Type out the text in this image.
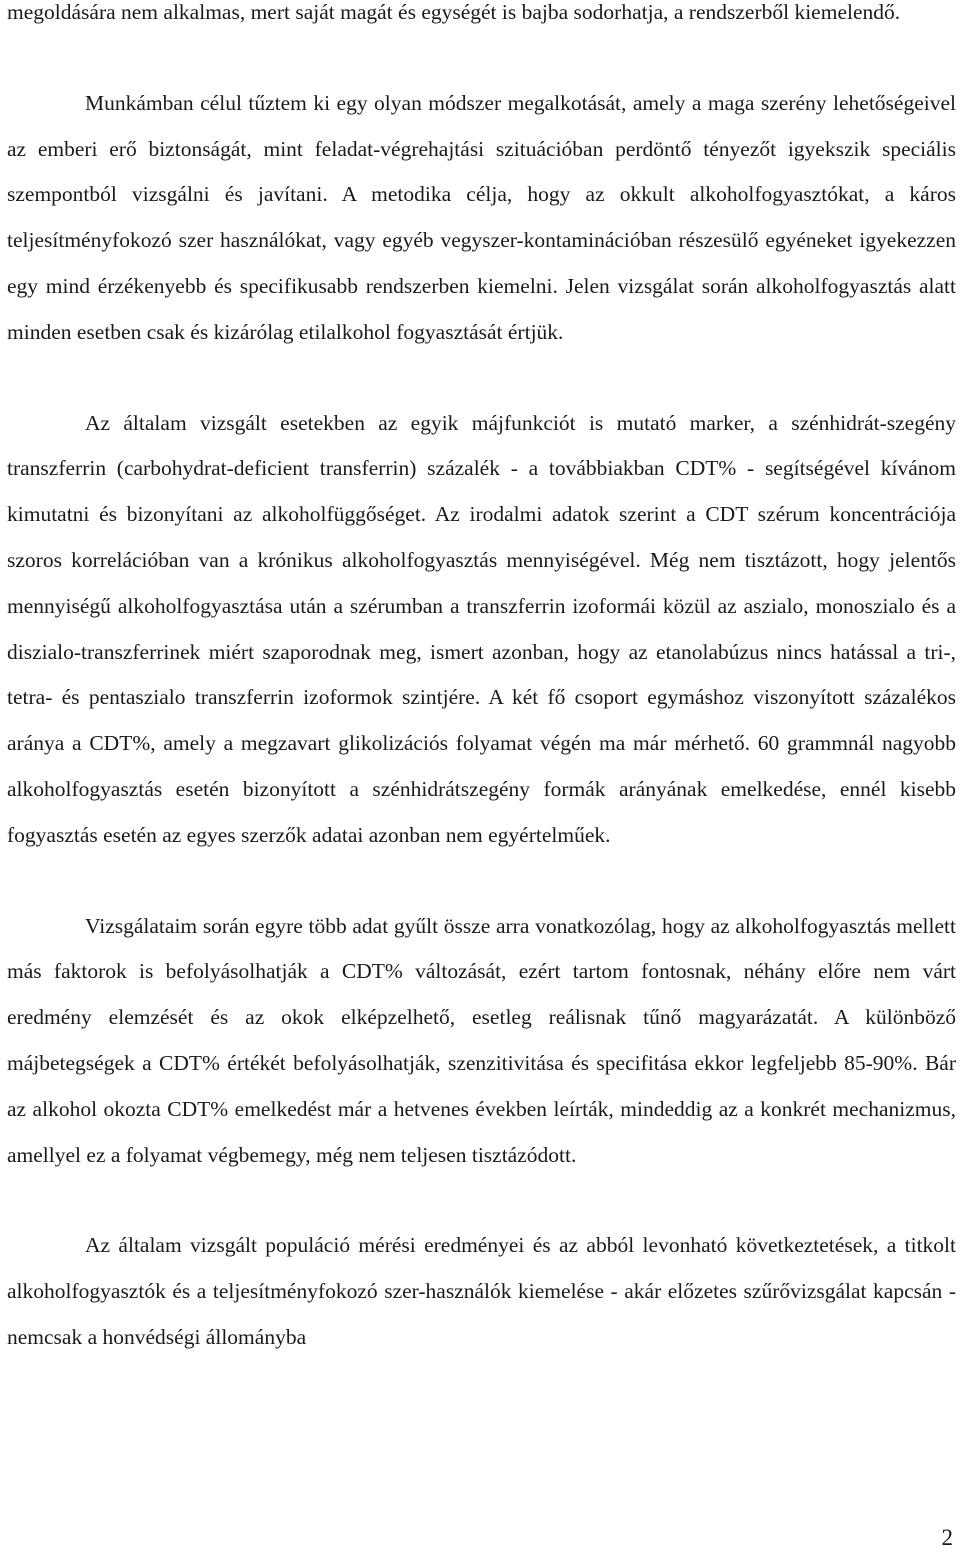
megoldására nem alkalmas, mert saját magát és egységét is bajba sodorhatja, a rendszerből kiemelendő.

Munkámban célul tűztem ki egy olyan módszer megalkotását, amely a maga szerény lehetőségeivel az emberi erő biztonságát, mint feladat-végrehajtási szituációban perdöntő tényezőt igyekszik speciális szempontból vizsgálni és javítani. A metodika célja, hogy az okkult alkoholfogyasztókat, a káros teljesítményfokozó szer használókat, vagy egyéb vegyszer-kontaminációban részesülő egyéneket igyekezzen egy mind érzékenyebb és specifikusabb rendszerben kiemelni. Jelen vizsgálat során alkoholfogyasztás alatt minden esetben csak és kizárólag etilalkohol fogyasztását értjük.

Az általam vizsgált esetekben az egyik májfunkciót is mutató marker, a szénhidrát-szegény transzferrin (carbohydrat-deficient transferrin) százalék - a továbbiakban CDT% - segítségével kívánom kimutatni és bizonyítani az alkoholfüggőséget. Az irodalmi adatok szerint a CDT szérum koncentrációja szoros korrelációban van a krónikus alkoholfogyasztás mennyiségével. Még nem tisztázott, hogy jelentős mennyiségű alkoholfogyasztása után a szérumban a transzferrin izoformái közül az aszialo, monoszialo és a diszialo-transzferrinek miért szaporodnak meg, ismert azonban, hogy az etanolabúzus nincs hatással a tri-, tetra- és pentaszialo transzferrin izoformok szintjére. A két fő csoport egymáshoz viszonyított százalékos aránya a CDT%, amely a megzavart glikolizációs folyamat végén ma már mérhető. 60 grammnál nagyobb alkoholfogyasztás esetén bizonyított a szénhidrátszegény formák arányának emelkedése, ennél kisebb fogyasztás esetén az egyes szerzők adatai azonban nem egyértelműek.

Vizsgálataim során egyre több adat gyűlt össze arra vonatkozólag, hogy az alkoholfogyasztás mellett más faktorok is befolyásolhatják a CDT% változását, ezért tartom fontosnak, néhány előre nem várt eredmény elemzését és az okok elképzelhető, esetleg reálisnak tűnő magyarázatát. A különböző májbetegségek a CDT% értékét befolyásolhatják, szenzitivitása és specifitása ekkor legfeljebb 85-90%. Bár az alkohol okozta CDT% emelkedést már a hetvenes években leírták, mindeddig az a konkrét mechanizmus, amellyel ez a folyamat végbemegy, még nem teljesen tisztázódott.

Az általam vizsgált populáció mérési eredményei és az abból levonható következtetések, a titkolt alkoholfogyasztók és a teljesítményfokozó szer-használók kiemelése - akár előzetes szűrővizsgálat kapcsán - nemcsak a honvédségi állományba

2
